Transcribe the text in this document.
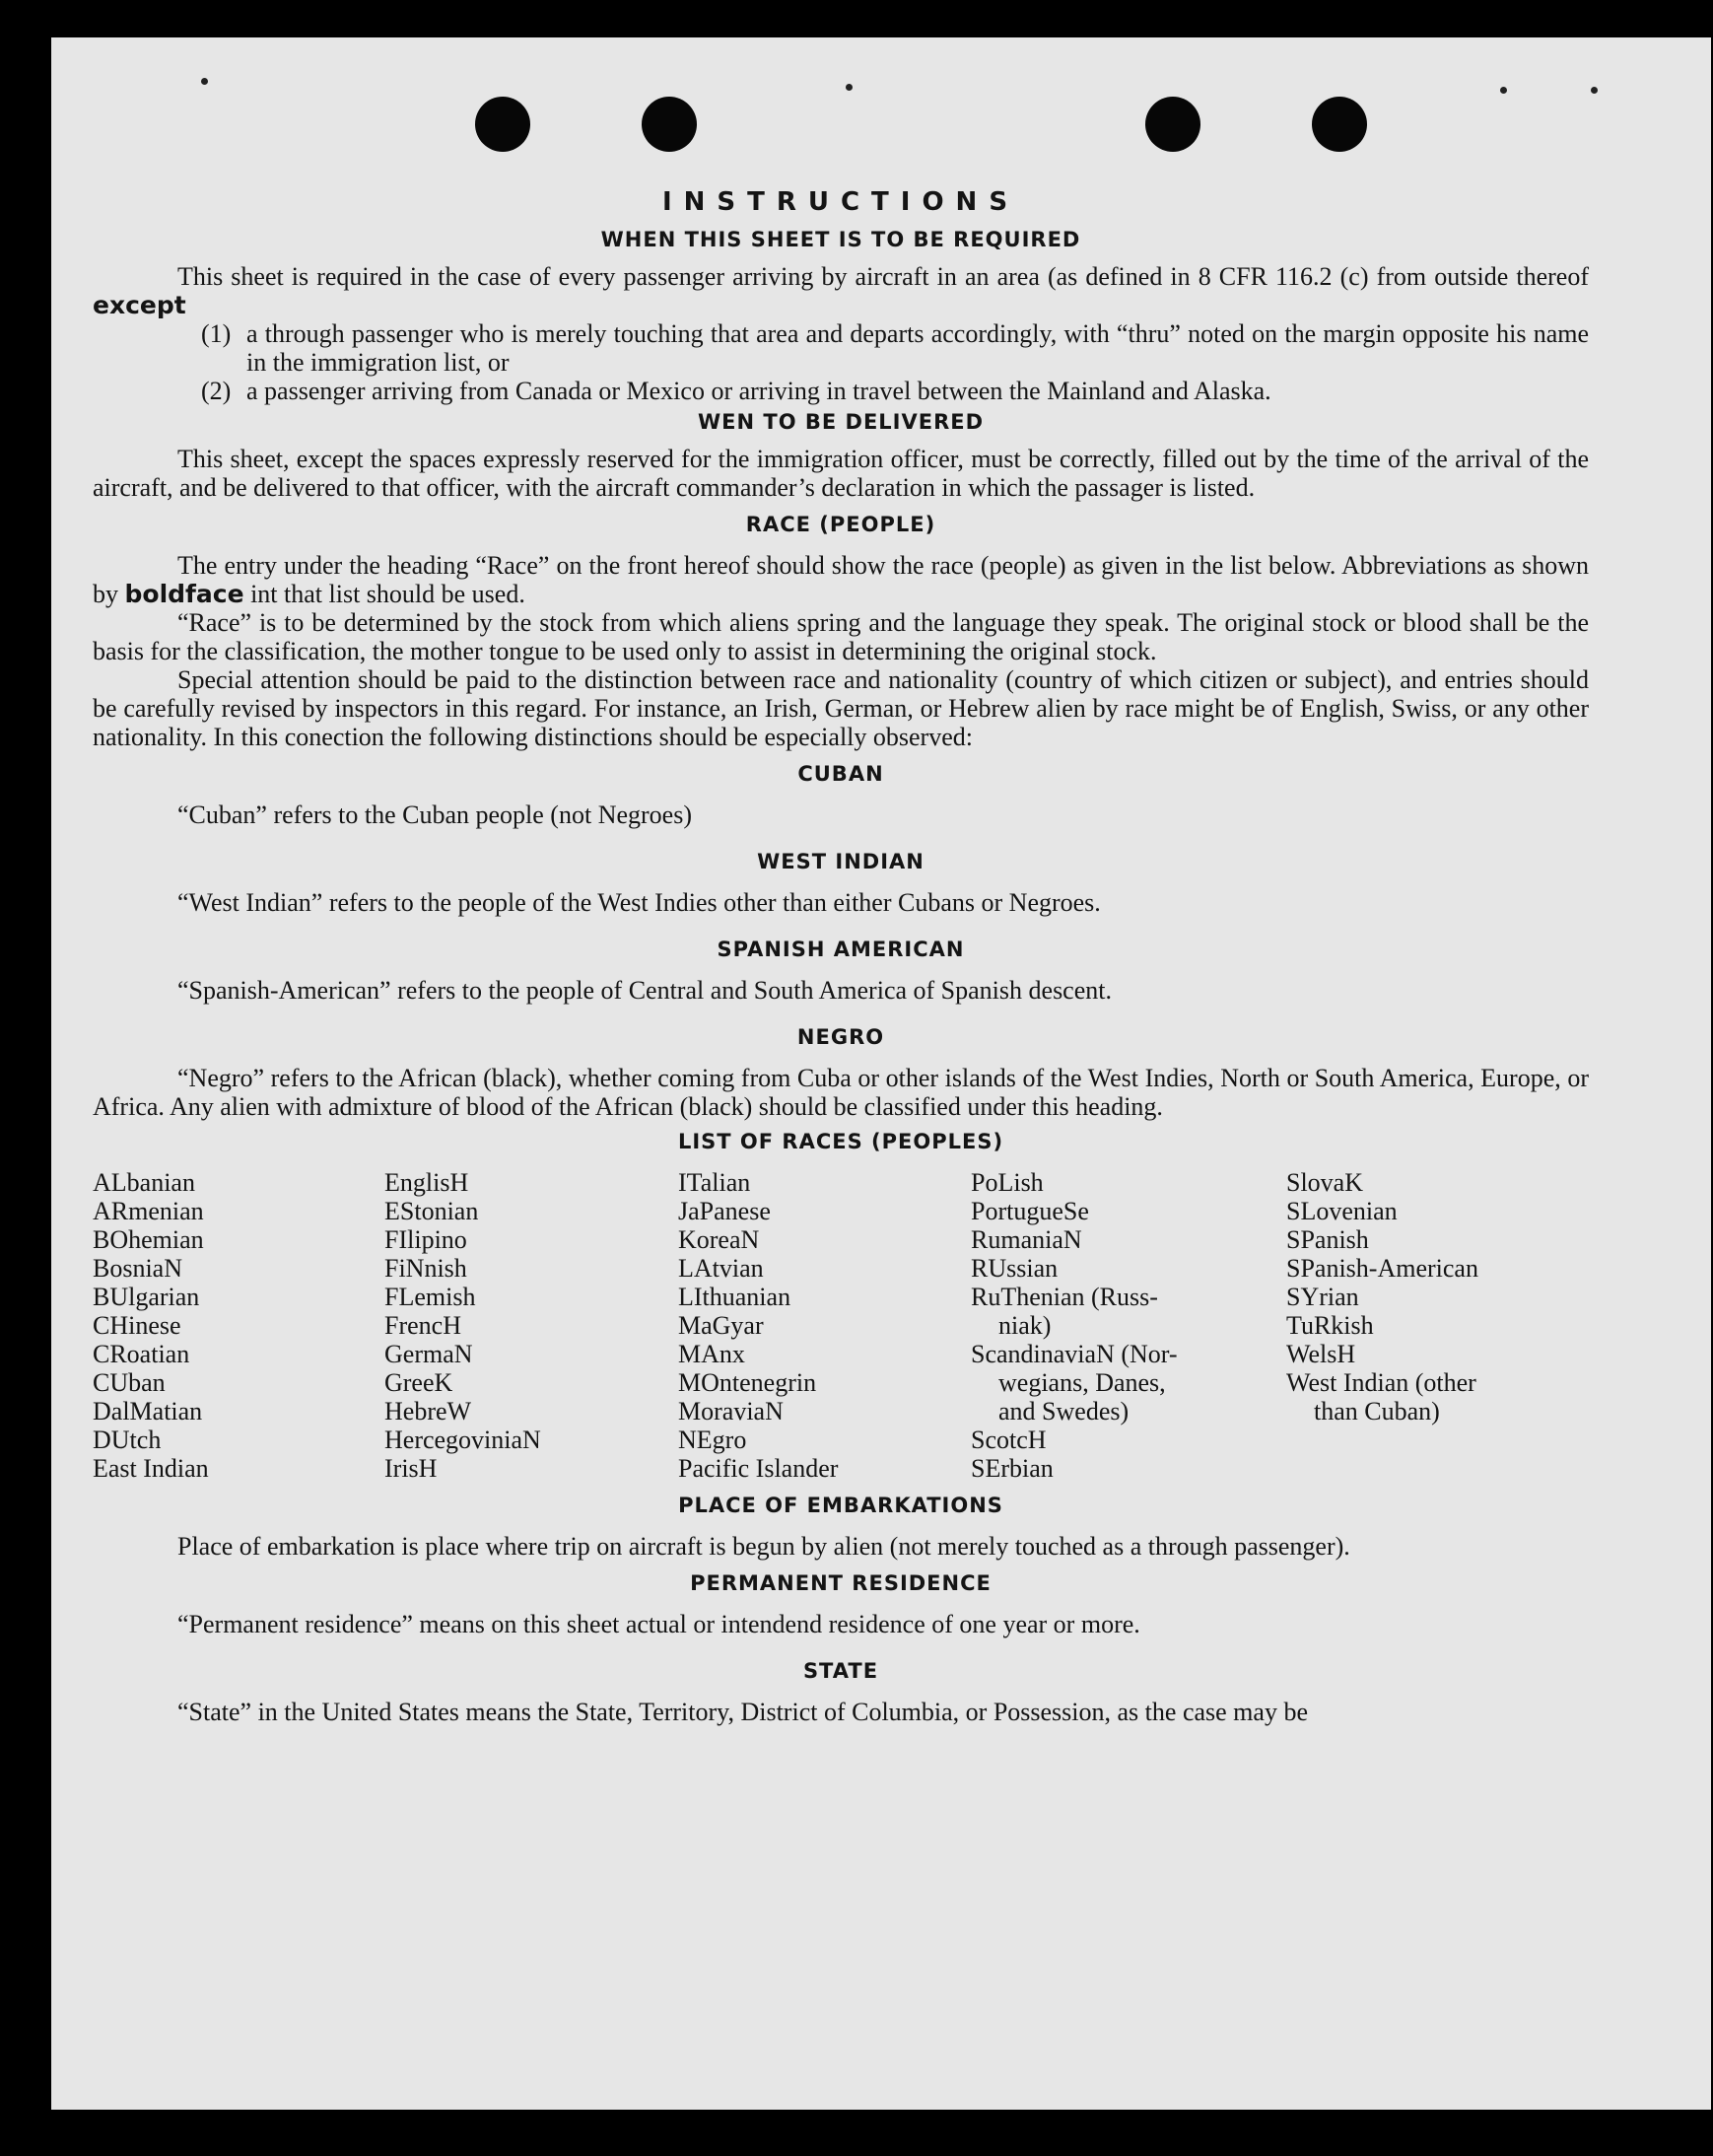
INSTRUCTIONS
WHEN THIS SHEET IS TO BE REQUIRED

This sheet is required in the case of every passenger arriving by aircraft in an area (as defined in 8 CFR 116.2 (c) from outside thereof except

(1) a through passenger who is merely touching that area and departs accordingly, with “thru” noted on the margin opposite his name in the immigration list, or
(2) a passenger arriving from Canada or Mexico or arriving in travel between the Mainland and Alaska.
WEN TO BE DELIVERED

This sheet, except the spaces expressly reserved for the immigration officer, must be correctly, filled out by the time of the arrival of the aircraft, and be delivered to that officer, with the aircraft commander’s declaration in which the passager is listed.

RACE (PEOPLE)

The entry under the heading “Race” on the front hereof should show the race (people) as given in the list below. Abbreviations as shown by boldface int that list should be used.

“Race” is to be determined by the stock from which aliens spring and the language they speak. The original stock or blood shall be the basis for the classification, the mother tongue to be used only to assist in determining the original stock.

Special attention should be paid to the distinction between race and nationality (country of which citizen or subject), and entries should be carefully revised by inspectors in this regard. For instance, an Irish, German, or Hebrew alien by race might be of English, Swiss, or any other nationality. In this conection the following distinctions should be especially observed:

CUBAN

“Cuban” refers to the Cuban people (not Negroes)

WEST INDIAN

“West Indian” refers to the people of the West Indies other than either Cubans or Negroes.

SPANISH AMERICAN

“Spanish-American” refers to the people of Central and South America of Spanish descent.

NEGRO

“Negro” refers to the African (black), whether coming from Cuba or other islands of the West Indies, North or South America, Europe, or Africa. Any alien with admixture of blood of the African (black) should be classified under this heading.

LIST OF RACES (PEOPLES)
ALbanian
ARmenian
BOhemian
BosniaN
BUlgarian
CHinese
CRoatian
CUban
DalMatian
DUtch
East Indian
EnglisH
EStonian
FIlipino
FiNnish
FLemish
FrencH
GermaN
GreeK
HebreW
HercegoviniaN
IrisH
ITalian
JaPanese
KoreaN
LAtvian
LIthuanian
MaGyar
MAnx
MOntenegrin
MoraviaN
NEgro
Pacific Islander
PoLish
PortugueSe
RumaniaN
RUssian
RuThenian (Russ-
niak)
ScandinaviaN (Nor-
wegians, Danes,
and Swedes)
ScotcH
SErbian
SlovaK
SLovenian
SPanish
SPanish-American
SYrian
TuRkish
WelsH
West Indian (other
than Cuban)
PLACE OF EMBARKATIONS

Place of embarkation is place where trip on aircraft is begun by alien (not merely touched as a through passenger).

PERMANENT RESIDENCE

“Permanent residence” means on this sheet actual or intendend residence of one year or more.

STATE

“State” in the United States means the State, Territory, District of Columbia, or Possession, as the case may be
